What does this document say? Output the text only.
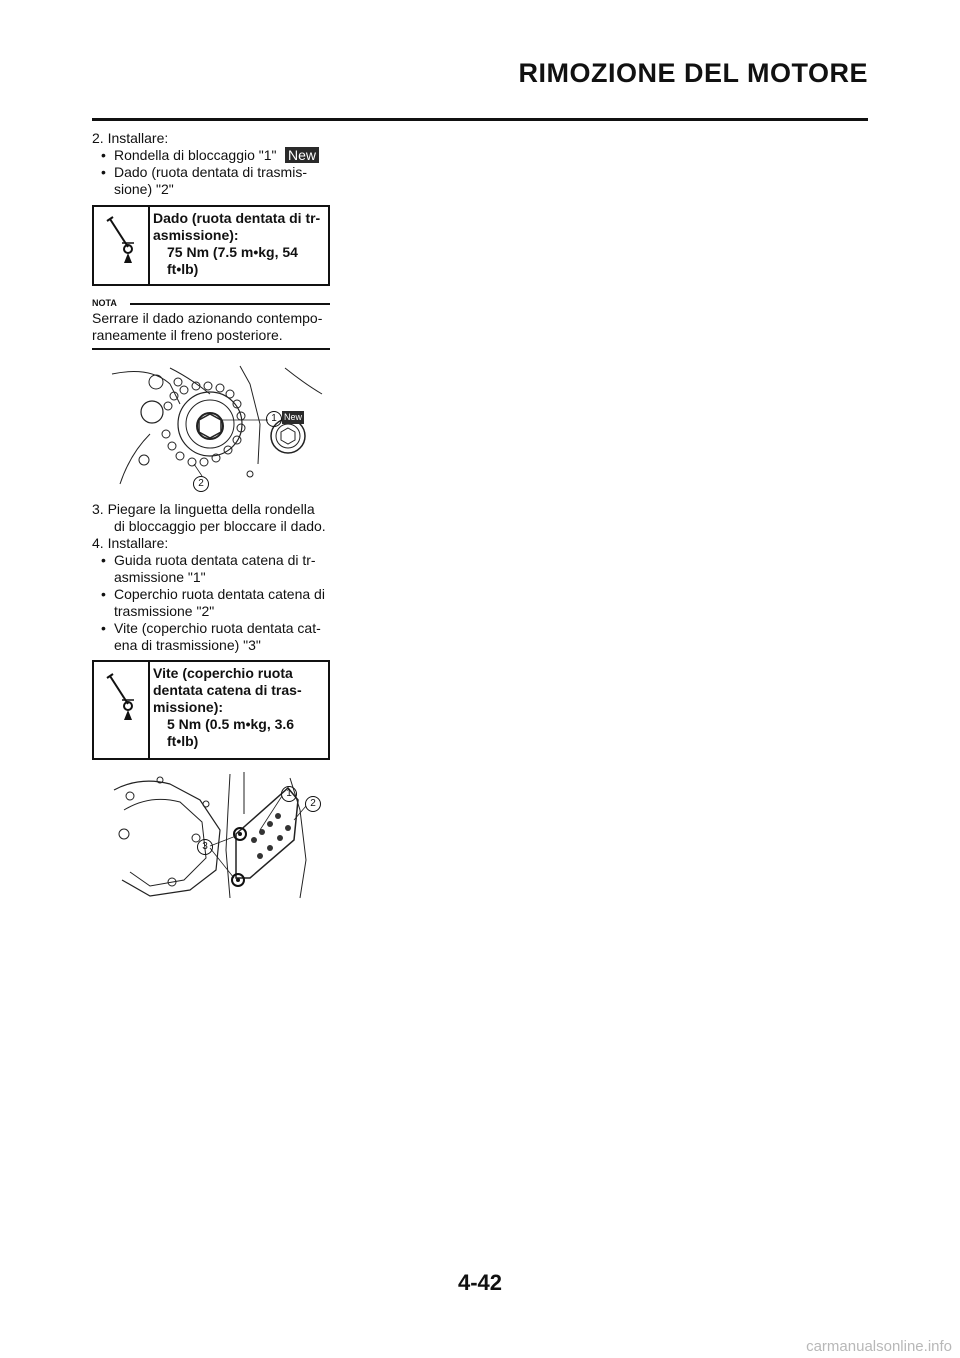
RIMOZIONE DEL MOTORE
2. Installare:
• Rondella di bloccaggio "1" New
• Dado (ruota dentata di trasmis-
sione) "2"
Dado (ruota dentata di tr-
asmissione):
75 Nm (7.5 m•kg, 54
ft•lb)
NOTA
Serrare il dado azionando contempo-
raneamente il freno posteriore.
1 New
2
3. Piegare la linguetta della rondella
di bloccaggio per bloccare il dado.
4. Installare:
• Guida ruota dentata catena di tr-
asmissione "1"
• Coperchio ruota dentata catena di
trasmissione "2"
• Vite (coperchio ruota dentata cat-
ena di trasmissione) "3"
Vite (coperchio ruota
dentata catena di tras-
missione):
5 Nm (0.5 m•kg, 3.6
ft•lb)
1
2
3
4-42
carmanualsonline.info
